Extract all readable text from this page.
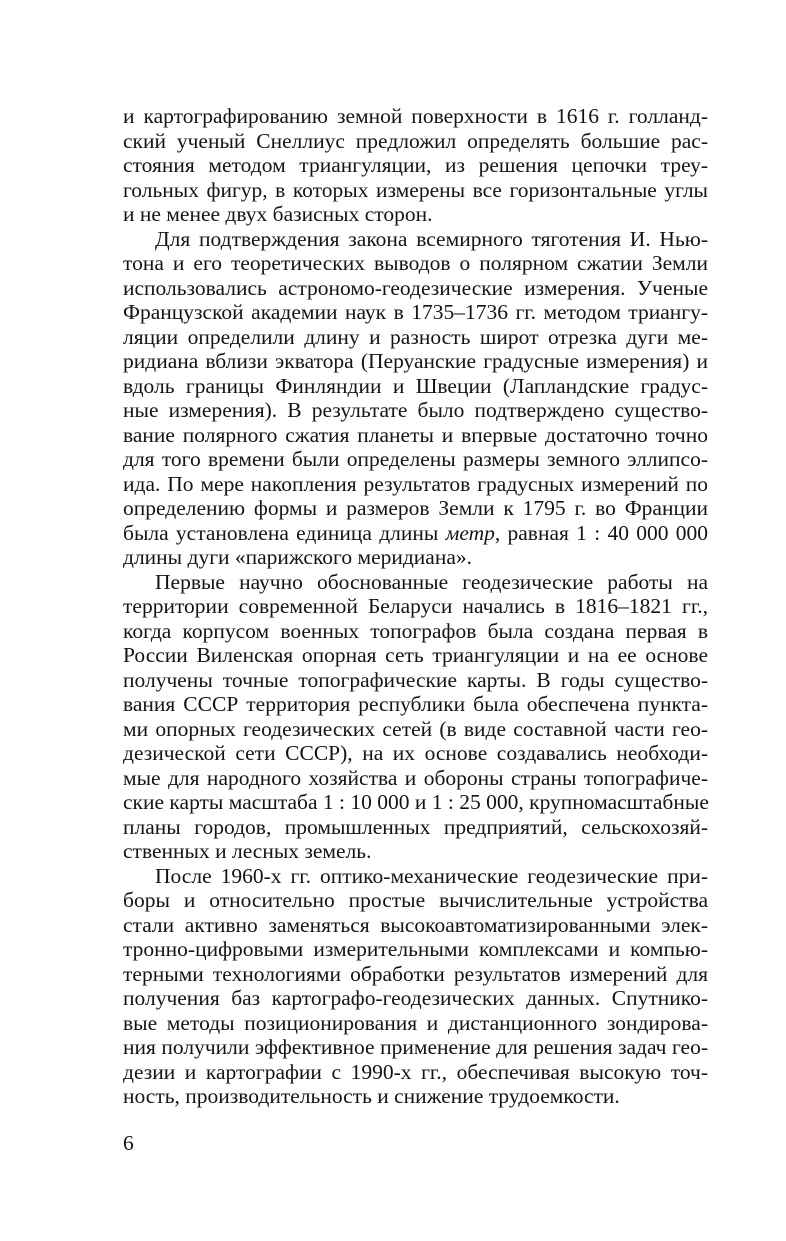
и картографированию земной поверхности в 1616 г. голланд-
ский ученый Снеллиус предложил определять большие рас-
стояния методом триангуляции, из решения цепочки треу-
гольных фигур, в которых измерены все горизонтальные углы
и не менее двух базисных сторон.
Для подтверждения закона всемирного тяготения И. Нью-
тона и его теоретических выводов о полярном сжатии Земли
использовались астрономо-геодезические измерения. Ученые
Французской академии наук в 1735–1736 гг. методом триангу-
ляции определили длину и разность широт отрезка дуги ме-
ридиана вблизи экватора (Перуанские градусные измерения) и
вдоль границы Финляндии и Швеции (Лапландские градус-
ные измерения). В результате было подтверждено существо-
вание полярного сжатия планеты и впервые достаточно точно
для того времени были определены размеры земного эллипсо-
ида. По мере накопления результатов градусных измерений по
определению формы и размеров Земли к 1795 г. во Франции
была установлена единица длины метр, равная 1 : 40 000 000
длины дуги «парижского меридиана».
Первые научно обоснованные геодезические работы на
территории современной Беларуси начались в 1816–1821 гг.,
когда корпусом военных топографов была создана первая в
России Виленская опорная сеть триангуляции и на ее основе
получены точные топографические карты. В годы существо-
вания СССР территория республики была обеспечена пункта-
ми опорных геодезических сетей (в виде составной части гео-
дезической сети СССР), на их основе создавались необходи-
мые для народного хозяйства и обороны страны топографиче-
ские карты масштаба 1 : 10 000 и 1 : 25 000, крупномасштабные
планы городов, промышленных предприятий, сельскохозяй-
ственных и лесных земель.
После 1960-х гг. оптико-механические геодезические при-
боры и относительно простые вычислительные устройства
стали активно заменяться высокоавтоматизированными элек-
тронно-цифровыми измерительными комплексами и компью-
терными технологиями обработки результатов измерений для
получения баз картографо-геодезических данных. Спутнико-
вые методы позиционирования и дистанционного зондирова-
ния получили эффективное применение для решения задач гео-
дезии и картографии с 1990-х гг., обеспечивая высокую точ-
ность, производительность и снижение трудоемкости.
6
